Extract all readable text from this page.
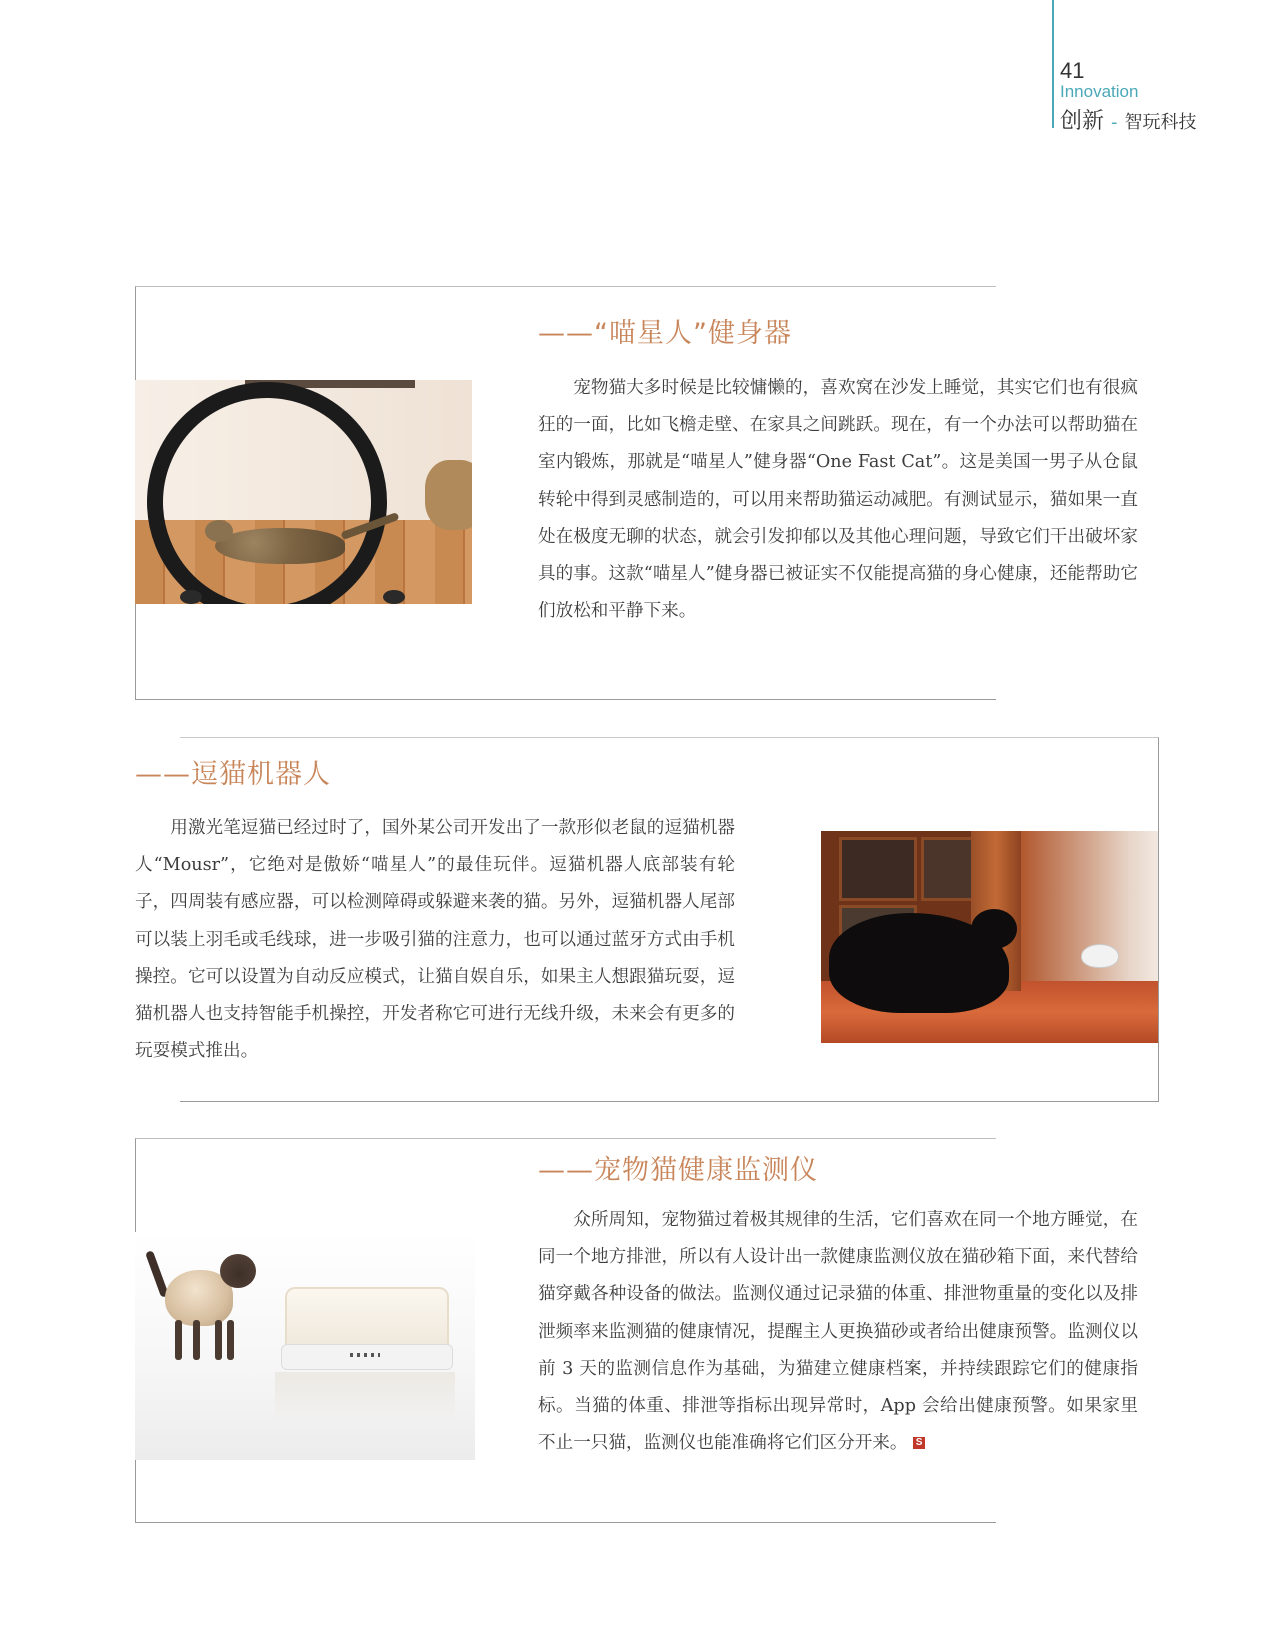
41
Innovation
创新 - 智玩科技
——“喵星人”健身器

宠物猫大多时候是比较慵懒的，喜欢窝在沙发上睡觉，其实它们也有很疯狂的一面，比如飞檐走壁、在家具之间跳跃。现在，有一个办法可以帮助猫在室内锻炼，那就是“喵星人”健身器“One Fast Cat”。这是美国一男子从仓鼠转轮中得到灵感制造的，可以用来帮助猫运动减肥。有测试显示，猫如果一直处在极度无聊的状态，就会引发抑郁以及其他心理问题，导致它们干出破坏家具的事。这款“喵星人”健身器已被证实不仅能提高猫的身心健康，还能帮助它们放松和平静下来。

——逗猫机器人

用激光笔逗猫已经过时了，国外某公司开发出了一款形似老鼠的逗猫机器人“Mousr”，它绝对是傲娇“喵星人”的最佳玩伴。逗猫机器人底部装有轮子，四周装有感应器，可以检测障碍或躲避来袭的猫。另外，逗猫机器人尾部可以装上羽毛或毛线球，进一步吸引猫的注意力，也可以通过蓝牙方式由手机操控。它可以设置为自动反应模式，让猫自娱自乐，如果主人想跟猫玩耍，逗猫机器人也支持智能手机操控，开发者称它可进行无线升级，未来会有更多的玩耍模式推出。

——宠物猫健康监测仪

众所周知，宠物猫过着极其规律的生活，它们喜欢在同一个地方睡觉，在同一个地方排泄，所以有人设计出一款健康监测仪放在猫砂箱下面，来代替给猫穿戴各种设备的做法。监测仪通过记录猫的体重、排泄物重量的变化以及排泄频率来监测猫的健康情况，提醒主人更换猫砂或者给出健康预警。监测仪以前 3 天的监测信息作为基础，为猫建立健康档案，并持续跟踪它们的健康指标。当猫的体重、排泄等指标出现异常时，App 会给出健康预警。如果家里不止一只猫，监测仪也能准确将它们区分开来。 S
